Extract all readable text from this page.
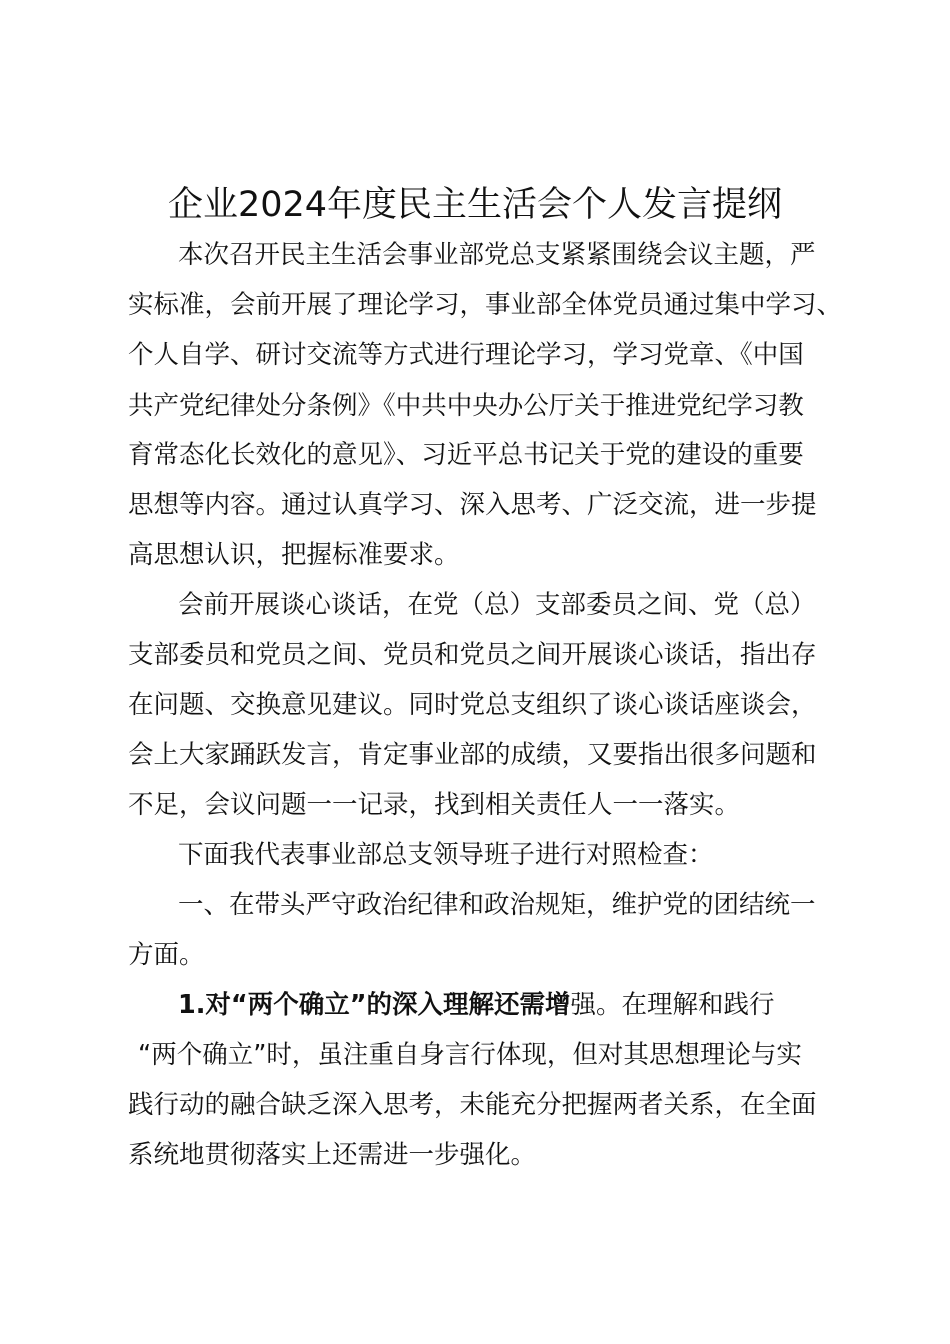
企业2024年度民主生活会个人发言提纲
本次召开民主生活会事业部党总支紧紧围绕会议主题，严
实标准，会前开展了理论学习，事业部全体党员通过集中学习、
个人自学、研讨交流等方式进行理论学习，学习党章、《中国
共产党纪律处分条例》《中共中央办公厅关于推进党纪学习教
育常态化长效化的意见》、习近平总书记关于党的建设的重要
思想等内容。通过认真学习、深入思考、广泛交流，进一步提
高思想认识，把握标准要求。
会前开展谈心谈话，在党（总）支部委员之间、党（总）
支部委员和党员之间、党员和党员之间开展谈心谈话，指出存
在问题、交换意见建议。同时党总支组织了谈心谈话座谈会，
会上大家踊跃发言，肯定事业部的成绩，又要指出很多问题和
不足，会议问题一一记录，找到相关责任人一一落实。
下面我代表事业部总支领导班子进行对照检查：
一、在带头严守政治纪律和政治规矩，维护党的团结统一
方面。
1.对“两个确立”的深入理解还需增强。在理解和践行
“两个确立”时，虽注重自身言行体现，但对其思想理论与实
践行动的融合缺乏深入思考，未能充分把握两者关系，在全面
系统地贯彻落实上还需进一步强化。
